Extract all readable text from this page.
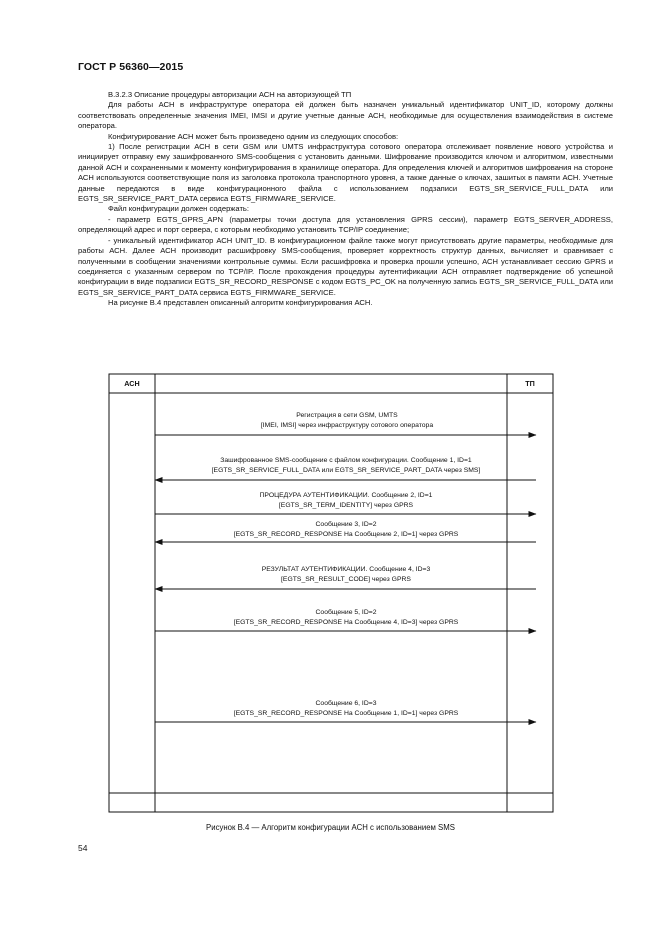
ГОСТ Р 56360—2015

В.3.2.3 Описание процедуры авторизации АСН на авторизующей ТП

Для работы АСН в инфраструктуре оператора ей должен быть назначен уникальный идентификатор UNIT_ID, которому должны соответствовать определенные значения IMEI, IMSI и другие учетные данные АСН, необходимые для осуществления взаимодействия в системе оператора.

Конфигурирование АСН может быть произведено одним из следующих способов:

1) После регистрации АСН в сети GSM или UMTS инфраструктура сотового оператора отслеживает появление нового устройства и инициирует отправку ему зашифрованного SMS-сообщения с установить данными. Шифрование производится ключом и алгоритмом, известными данной АСН и сохраненными к моменту конфигурирования в хранилище оператора. Для определения ключей и алгоритмов шифрования на стороне АСН используются соответствующие поля из заголовка протокола транспортного уровня, а также данные о ключах, зашитых в памяти АСН. Учетные данные передаются в виде конфигурационного файла с использованием подзаписи EGTS_SR_SERVICE_FULL_DATA или EGTS_SR_SERVICE_PART_DATA сервиса EGTS_FIRMWARE_SERVICE.

Файл конфигурации должен содержать:

- параметр EGTS_GPRS_APN (параметры точки доступа для установления GPRS сессии), параметр EGTS_SERVER_ADDRESS, определяющий адрес и порт сервера, с которым необходимо установить TCP/IP соединение;

- уникальный идентификатор АСН UNIT_ID. В конфигурационном файле также могут присутствовать другие параметры, необходимые для работы АСН. Далее АСН производит расшифровку SMS-сообщения, проверяет корректность структур данных, вычисляет и сравнивает с полученными в сообщении значениями контрольные суммы. Если расшифровка и проверка прошли успешно, АСН устанавливает сессию GPRS и соединяется с указанным сервером по TCP/IP. После прохождения процедуры аутентификации АСН отправляет подтверждение об успешной конфигурации в виде подзаписи EGTS_SR_RECORD_RESPONSE с кодом EGTS_PC_OK на полученную запись EGTS_SR_SERVICE_FULL_DATA или EGTS_SR_SERVICE_PART_DATA сервиса EGTS_FIRMWARE_SERVICE.

На рисунке В.4 представлен описанный алгоритм конфигурирования АСН.

АСН	ТП
Регистрация в сети GSM, UMTS
[IMEI, IMSI] через инфраструктуру сотового оператора
Зашифрованное SMS-сообщение с файлом конфигурации. Сообщение 1, ID=1
[EGTS_SR_SERVICE_FULL_DATA или EGTS_SR_SERVICE_PART_DATA через SMS]
ПРОЦЕДУРА АУТЕНТИФИКАЦИИ. Сообщение 2, ID=1
[EGTS_SR_TERM_IDENTITY] через GPRS
Сообщение 3, ID=2
[EGTS_SR_RECORD_RESPONSE На Сообщение 2, ID=1] через GPRS
РЕЗУЛЬТАТ АУТЕНТИФИКАЦИИ. Сообщение 4, ID=3
[EGTS_SR_RESULT_CODE] через GPRS
Сообщение 5, ID=2
[EGTS_SR_RECORD_RESPONSE На Сообщение 4, ID=3] через GPRS
Сообщение 6, ID=3
[EGTS_SR_RECORD_RESPONSE На Сообщение 1, ID=1] через GPRS
Рисунок В.4 — Алгоритм конфигурации АСН с использованием SMS
54
